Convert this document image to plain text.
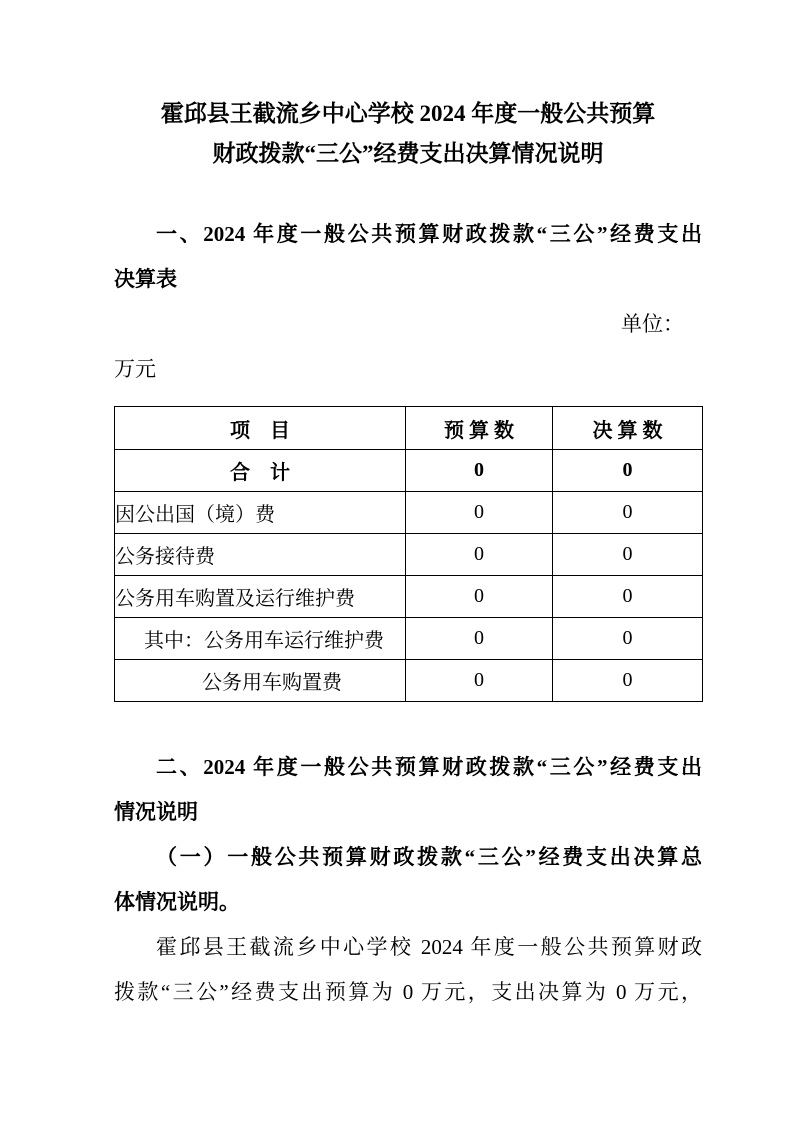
霍邱县王截流乡中心学校 2024 年度一般公共预算
财政拨款“三公”经费支出决算情况说明
一、2024 年度一般公共预算财政拨款“三公”经费支出
决算表
单位：
万元
项　目	预 算 数	决 算 数
合　计	0	0
因公出国（境）费	0	0
公务接待费	0	0
公务用车购置及运行维护费	0	0
其中：公务用车运行维护费	0	0
公务用车购置费	0	0
二、2024 年度一般公共预算财政拨款“三公”经费支出
情况说明
（一）一般公共预算财政拨款“三公”经费支出决算总
体情况说明。
霍邱县王截流乡中心学校 2024 年度一般公共预算财政
拨款“三公”经费支出预算为 0 万元，支出决算为 0 万元，
